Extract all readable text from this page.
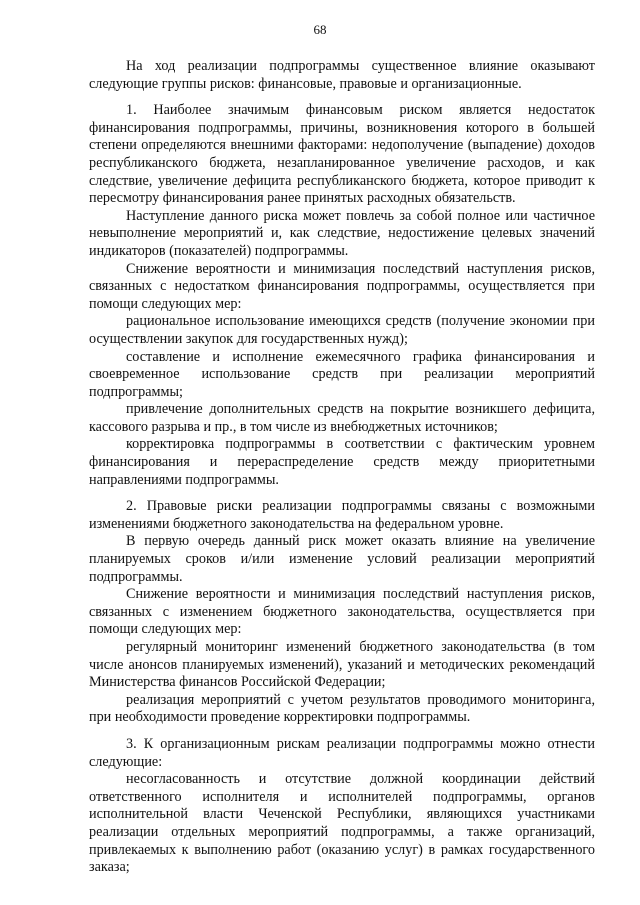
68

На ход реализации подпрограммы существенное влияние оказывают следующие группы рисков: финансовые, правовые и организационные.

1. Наиболее значимым финансовым риском является недостаток финансирования подпрограммы, причины, возникновения которого в большей степени определяются внешними факторами: недополучение (выпадение) доходов республиканского бюджета, незапланированное увеличение расходов, и как следствие, увеличение дефицита республиканского бюджета, которое приводит к пересмотру финансирования ранее принятых расходных обязательств.

Наступление данного риска может повлечь за собой полное или частичное невыполнение мероприятий и, как следствие, недостижение целевых значений индикаторов (показателей) подпрограммы.

Снижение вероятности и минимизация последствий наступления рисков, связанных с недостатком финансирования подпрограммы, осуществляется при помощи следующих мер:

рациональное использование имеющихся средств (получение экономии при осуществлении закупок для государственных нужд);

составление и исполнение ежемесячного графика финансирования и своевременное использование средств при реализации мероприятий подпрограммы;

привлечение дополнительных средств на покрытие возникшего дефицита, кассового разрыва и пр., в том числе из внебюджетных источников;

корректировка подпрограммы в соответствии с фактическим уровнем финансирования и перераспределение средств между приоритетными направлениями подпрограммы.

2. Правовые риски реализации подпрограммы связаны с возможными изменениями бюджетного законодательства на федеральном уровне.

В первую очередь данный риск может оказать влияние на увеличение планируемых сроков и/или изменение условий реализации мероприятий подпрограммы.

Снижение вероятности и минимизация последствий наступления рисков, связанных с изменением бюджетного законодательства, осуществляется при помощи следующих мер:

регулярный мониторинг изменений бюджетного законодательства (в том числе анонсов планируемых изменений), указаний и методических рекомендаций Министерства финансов Российской Федерации;

реализация мероприятий с учетом результатов проводимого мониторинга, при необходимости проведение корректировки подпрограммы.

3. К организационным рискам реализации подпрограммы можно отнести следующие:

несогласованность и отсутствие должной координации действий ответственного исполнителя и исполнителей подпрограммы, органов исполнительной власти Чеченской Республики, являющихся участниками реализации отдельных мероприятий подпрограммы, а также организаций, привлекаемых к выполнению работ (оказанию услуг) в рамках государственного заказа;
